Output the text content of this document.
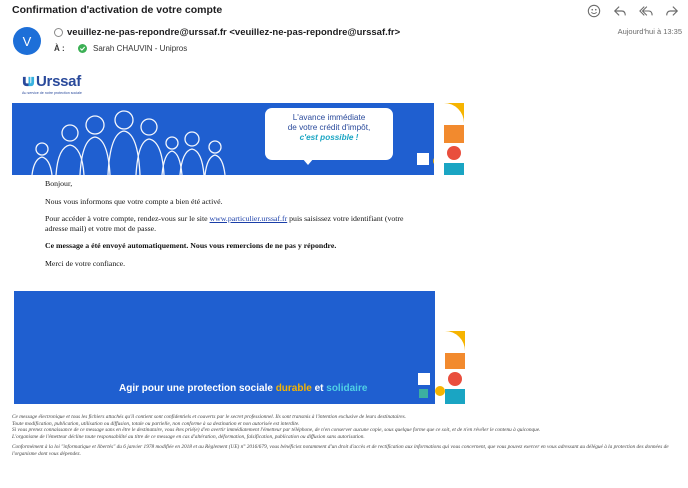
Confirmation d'activation de votre compte
V
veuillez-ne-pas-repondre@urssaf.fr <veuillez-ne-pas-repondre@urssaf.fr>
À :	Sarah CHAUVIN - Unipros
Aujourd'hui à 13:35
Urssaf
Au service de notre protection sociale
L'avance immédiate
de votre crédit d'impôt,
c'est possible !

Bonjour,

Nous vous informons que votre compte a bien été activé.

Pour accéder à votre compte, rendez-vous sur le site www.particulier.urssaf.fr puis saisissez votre identifiant (votre adresse mail) et votre mot de passe.

Ce message a été envoyé automatiquement. Nous vous remercions de ne pas y répondre.

Merci de votre confiance.

Agir pour une protection sociale durable et solidaire

Ce message électronique et tous les fichiers attachés qu'il contient sont confidentiels et couverts par le secret professionnel. Ils sont transmis à l'intention exclusive de leurs destinataires.

Toute modification, publication, utilisation ou diffusion, totale ou partielle, non conforme à sa destination et non autorisée est interdite.

Si vous prenez connaissance de ce message sans en être le destinataire, vous êtes prié(e) d'en avertir immédiatement l'émetteur par téléphone, de n'en conserver aucune copie, sous quelque forme que ce soit, et de n'en révéler le contenu à quiconque.

L'organisme de l'émetteur décline toute responsabilité au titre de ce message en cas d'altération, déformation, falsification, publication ou diffusion sans autorisation.

Conformément à la loi "informatique et libertés" du 6 janvier 1978 modifiée en 2018 et au Règlement (UE) n° 2016/679, vous bénéficiez notamment d'un droit d'accès et de rectification aux informations qui vous concernent, que vous pouvez exercer en vous adressant au délégué à la protection des données de l'organisme dont vous dépendez.
